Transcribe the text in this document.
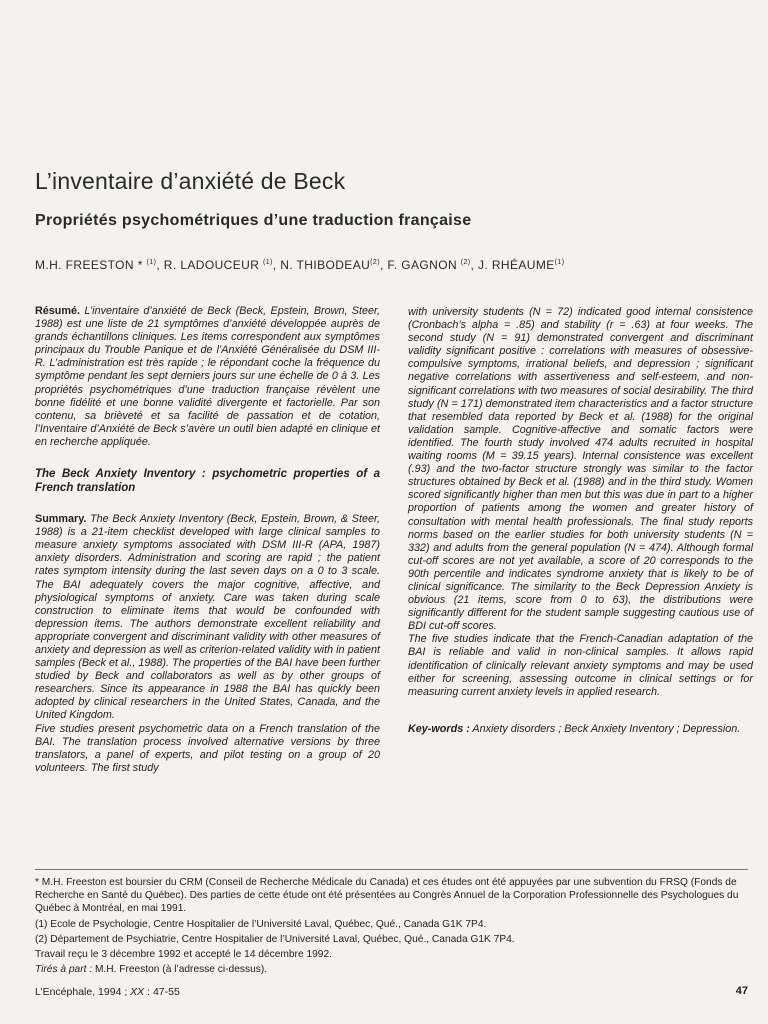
L’inventaire d’anxiété de Beck
Propriétés psychométriques d’une traduction française
M.H. FREESTON * $^{(1)}$, R. LADOUCEUR $^{(1)}$, N. THIBODEAU$^{(2)}$, F. GAGNON $^{(2)}$, J. RHÉAUME$^{(1)}$

Résumé. L’inventaire d’anxiété de Beck (Beck, Epstein, Brown, Steer, 1988) est une liste de 21 symptômes d’anxiété développée auprès de grands échantillons cliniques. Les items correspondent aux symptômes principaux du Trouble Panique et de l’Anxiété Généralisée du DSM III-R. L’administration est très rapide ; le répondant coche la fréquence du symptôme pendant les sept derniers jours sur une échelle de 0 à 3. Les propriétés psychométriques d’une traduction française révèlent une bonne fidélité et une bonne validité divergente et factorielle. Par son contenu, sa brièveté et sa facilité de passation et de cotation, l’Inventaire d’Anxiété de Beck s’avère un outil bien adapté en clinique et en recherche appliquée.

The Beck Anxiety Inventory : psychometric properties of a French translation

Summary. The Beck Anxiety Inventory (Beck, Epstein, Brown, & Steer, 1988) is a 21-item checklist developed with large clinical samples to measure anxiety symptoms associated with DSM III-R (APA, 1987) anxiety disorders. Administration and scoring are rapid ; the patient rates symptom intensity during the last seven days on a 0 to 3 scale. The BAI adequately covers the major cognitive, affective, and physiological symptoms of anxiety. Care was taken during scale construction to eliminate items that would be confounded with depression items. The authors demonstrate excellent reliability and appropriate convergent and discriminant validity with other measures of anxiety and depression as well as criterion-related validity with in patient samples (Beck et al., 1988). The properties of the BAI have been further studied by Beck and collaborators as well as by other groups of researchers. Since its appearance in 1988 the BAI has quickly been adopted by clinical researchers in the United States, Canada, and the United Kingdom.

Five studies present psychometric data on a French translation of the BAI. The translation process involved alternative versions by three translators, a panel of experts, and pilot testing on a group of 20 volunteers. The first study

with university students (N = 72) indicated good internal consistence (Cronbach’s alpha = .85) and stability (r = .63) at four weeks. The second study (N = 91) demonstrated convergent and discriminant validity significant positive : correlations with measures of obsessive-compulsive symptoms, irrational beliefs, and depression ; significant negative correlations with assertiveness and self-esteem, and non-significant correlations with two measures of social desirability. The third study (N = 171) demonstrated item characteristics and a factor structure that resembled data reported by Beck et al. (1988) for the original validation sample. Cognitive-affective and somatic factors were identified. The fourth study involved 474 adults recruited in hospital waiting rooms (M = 39.15 years). Internal consistence was excellent (.93) and the two-factor structure strongly was similar to the factor structures obtained by Beck et al. (1988) and in the third study. Women scored significantly higher than men but this was due in part to a higher proportion of patients among the women and greater history of consultation with mental health professionals. The final study reports norms based on the earlier studies for both university students (N = 332) and adults from the general population (N = 474). Although formal cut-off scores are not yet available, a score of 20 corresponds to the 90th percentile and indicates syndrome anxiety that is likely to be of clinical significance. The similarity to the Beck Depression Anxiety is obvious (21 items, score from 0 to 63), the distributions were significantly different for the student sample suggesting cautious use of BDI cut-off scores.

The five studies indicate that the French-Canadian adaptation of the BAI is reliable and valid in non-clinical samples. It allows rapid identification of clinically relevant anxiety symptoms and may be used either for screening, assessing outcome in clinical settings or for measuring current anxiety levels in applied research.

Key-words : Anxiety disorders ; Beck Anxiety Inventory ; Depression.

* M.H. Freeston est boursier du CRM (Conseil de Recherche Médicale du Canada) et ces études ont été appuyées par une subvention du FRSQ (Fonds de Recherche en Santé du Québec). Des parties de cette étude ont été présentées au Congrès Annuel de la Corporation Professionnelle des Psychologues du Québec à Montréal, en mai 1991.

(1) Ecole de Psychologie, Centre Hospitalier de l’Université Laval, Québec, Qué., Canada G1K 7P4.

(2) Département de Psychiatrie, Centre Hospitalier de l’Université Laval, Québec, Qué., Canada G1K 7P4.

Travail reçu le 3 décembre 1992 et accepté le 14 décembre 1992.

Tirés à part : M.H. Freeston (à l’adresse ci-dessus).

L’Encéphale, 1994 ; XX : 47-55	47
